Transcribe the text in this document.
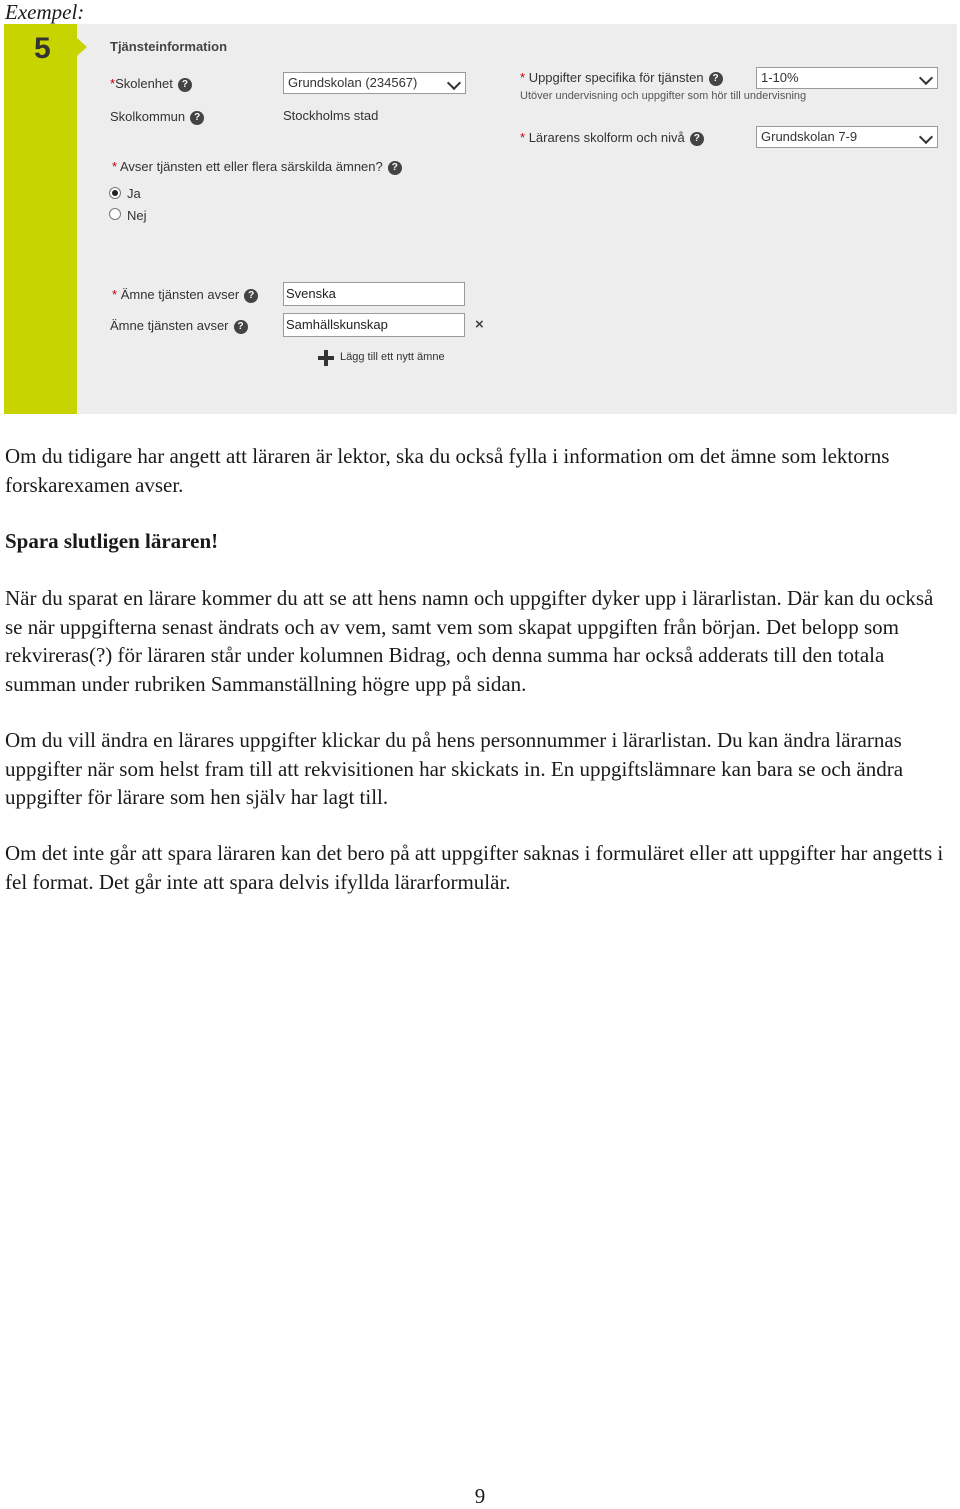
Exempel:
5	Tjänsteinformation
*Skolenhet ?	Grundskolan (234567)
Skolkommun ?	Stockholms stad
* Uppgifter specifika för tjänsten ?
Utöver undervisning och uppgifter som hör till undervisning
1-10%
* Lärarens skolform och nivå ?	Grundskolan 7-9
* Avser tjänsten ett eller flera särskilda ämnen? ?
Ja
Nej
* Ämne tjänsten avser ?	Svenska
Ämne tjänsten avser ?	Samhällskunskap	×
Lägg till ett nytt ämne

Om du tidigare har angett att läraren är lektor, ska du också fylla i information om det ämne som lektorns forskarexamen avser.

Spara slutligen läraren!

När du sparat en lärare kommer du att se att hens namn och uppgifter dyker upp i lärarlistan. Där kan du också se när uppgifterna senast ändrats och av vem, samt vem som skapat uppgiften från början. Det belopp som rekvireras(?) för läraren står under kolumnen Bidrag, och denna summa har också adderats till den totala summan under rubriken Sammanställning högre upp på sidan.

Om du vill ändra en lärares uppgifter klickar du på hens personnummer i lärarlistan. Du kan ändra lärarnas uppgifter när som helst fram till att rekvisitionen har skickats in. En uppgiftslämnare kan bara se och ändra uppgifter för lärare som hen själv har lagt till.

Om det inte går att spara läraren kan det bero på att uppgifter saknas i formuläret eller att uppgifter har angetts i fel format. Det går inte att spara delvis ifyllda lärarformulär.

9
